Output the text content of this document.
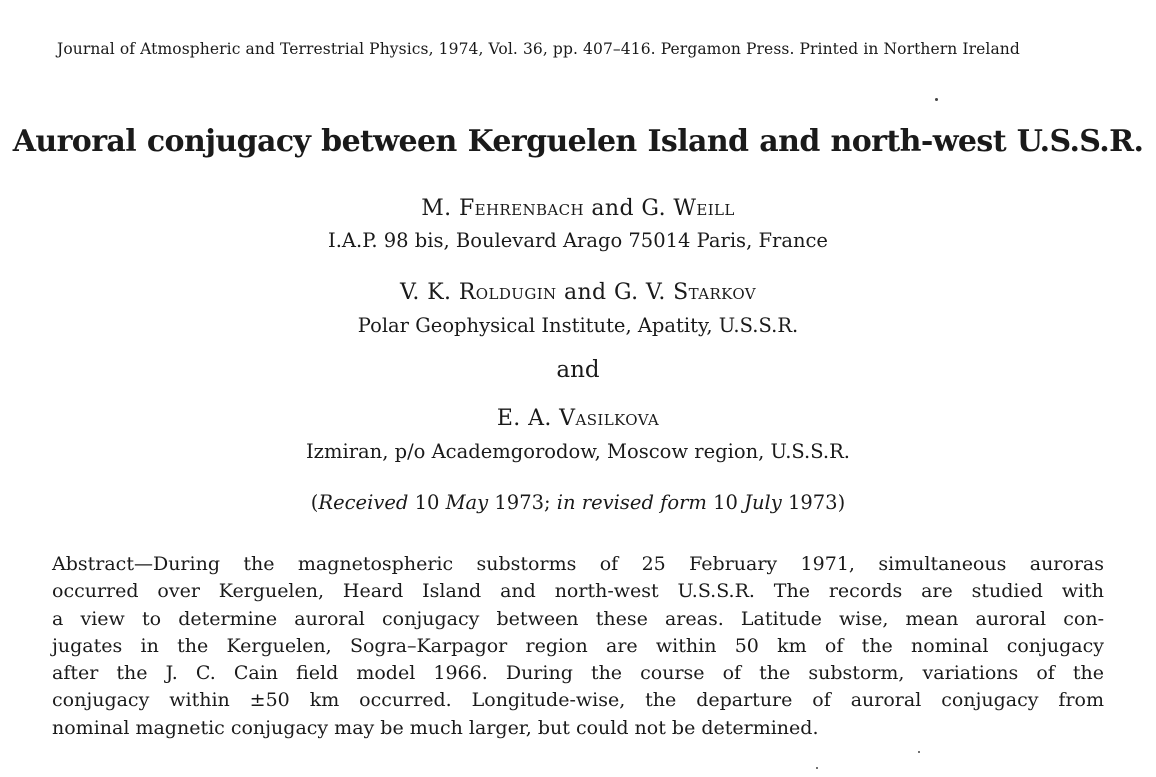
Journal of Atmospheric and Terrestrial Physics, 1974, Vol. 36, pp. 407–416. Pergamon Press. Printed in Northern Ireland
Auroral conjugacy between Kerguelen Island and north-west U.S.S.R.
M. Fehrenbach and G. Weill
I.A.P. 98 bis, Boulevard Arago 75014 Paris, France
V. K. Roldugin and G. V. Starkov
Polar Geophysical Institute, Apatity, U.S.S.R.
and
E. A. Vasilkova
Izmiran, p/o Academgorodow, Moscow region, U.S.S.R.
(Received 10 May 1973; in revised form 10 July 1973)
Abstract—During the magnetospheric substorms of 25 February 1971, simultaneous auroras
occurred over Kerguelen, Heard Island and north-west U.S.S.R. The records are studied with
a view to determine auroral conjugacy between these areas. Latitude wise, mean auroral con-
jugates in the Kerguelen, Sogra–Karpagor region are within 50 km of the nominal conjugacy
after the J. C. Cain field model 1966. During the course of the substorm, variations of the
conjugacy within ±50 km occurred. Longitude-wise, the departure of auroral conjugacy from
nominal magnetic conjugacy may be much larger, but could not be determined.
